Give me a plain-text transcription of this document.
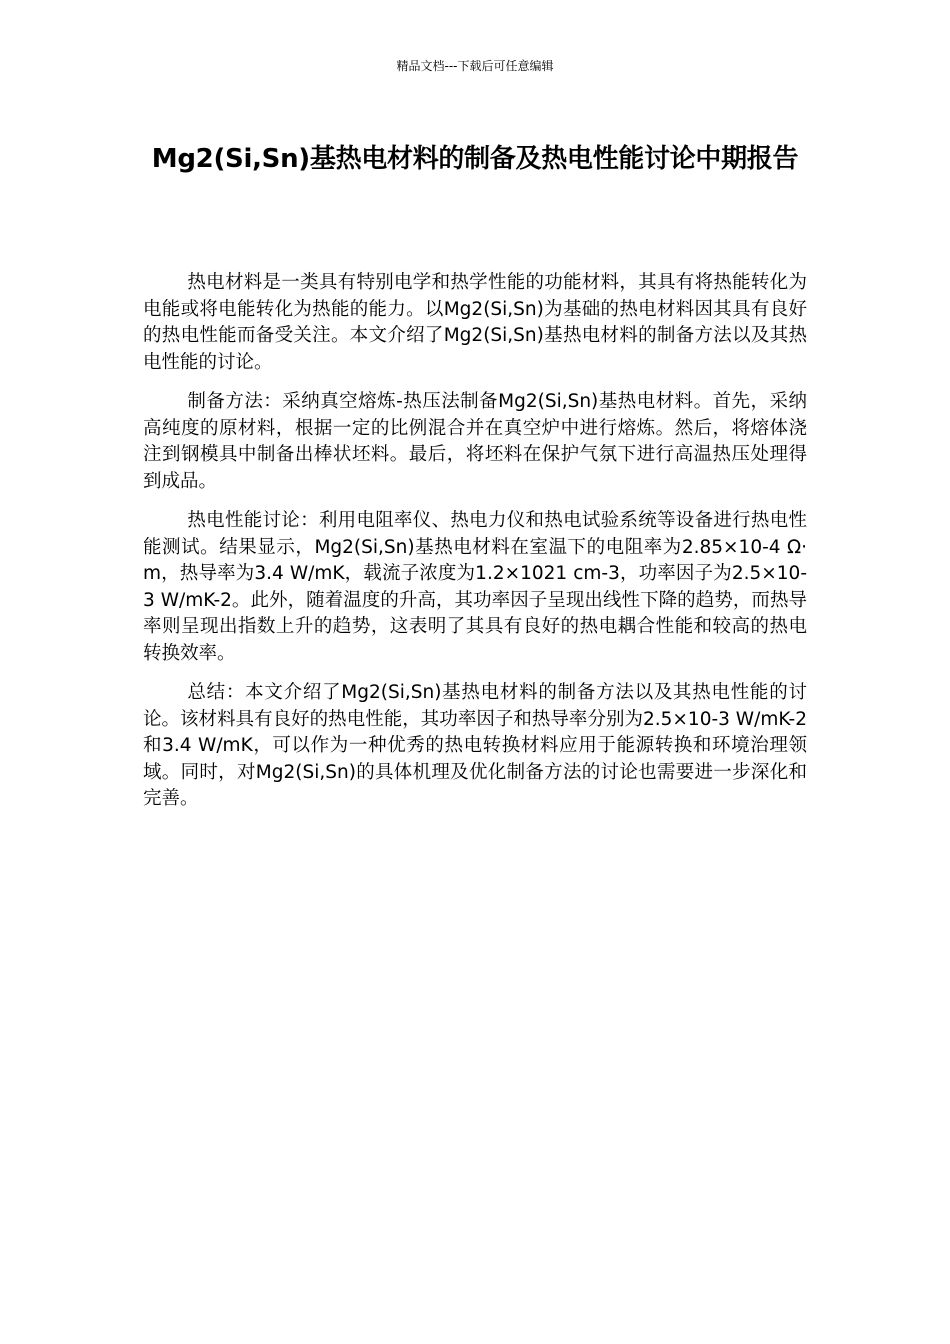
精品文档---下载后可任意编辑
Mg2(Si,Sn)基热电材料的制备及热电性能讨论中期报告

热电材料是一类具有特别电学和热学性能的功能材料，其具有将热能转化为电能或将电能转化为热能的能力。以Mg2(Si,Sn)为基础的热电材料因其具有良好的热电性能而备受关注。本文介绍了Mg2(Si,Sn)基热电材料的制备方法以及其热电性能的讨论。

制备方法：采纳真空熔炼-热压法制备Mg2(Si,Sn)基热电材料。首先，采纳高纯度的原材料，根据一定的比例混合并在真空炉中进行熔炼。然后，将熔体浇注到钢模具中制备出棒状坯料。最后，将坯料在保护气氛下进行高温热压处理得到成品。

热电性能讨论：利用电阻率仪、热电力仪和热电试验系统等设备进行热电性能测试。结果显示，Mg2(Si,Sn)基热电材料在室温下的电阻率为2.85×10-4 Ω·m，热导率为3.4 W/mK，载流子浓度为1.2×1021 cm-3，功率因子为2.5×10-3 W/mK-2。此外，随着温度的升高，其功率因子呈现出线性下降的趋势，而热导率则呈现出指数上升的趋势，这表明了其具有良好的热电耦合性能和较高的热电转换效率。

总结：本文介绍了Mg2(Si,Sn)基热电材料的制备方法以及其热电性能的讨论。该材料具有良好的热电性能，其功率因子和热导率分别为2.5×10-3 W/mK-2和3.4 W/mK，可以作为一种优秀的热电转换材料应用于能源转换和环境治理领域。同时，对Mg2(Si,Sn)的具体机理及优化制备方法的讨论也需要进一步深化和完善。
